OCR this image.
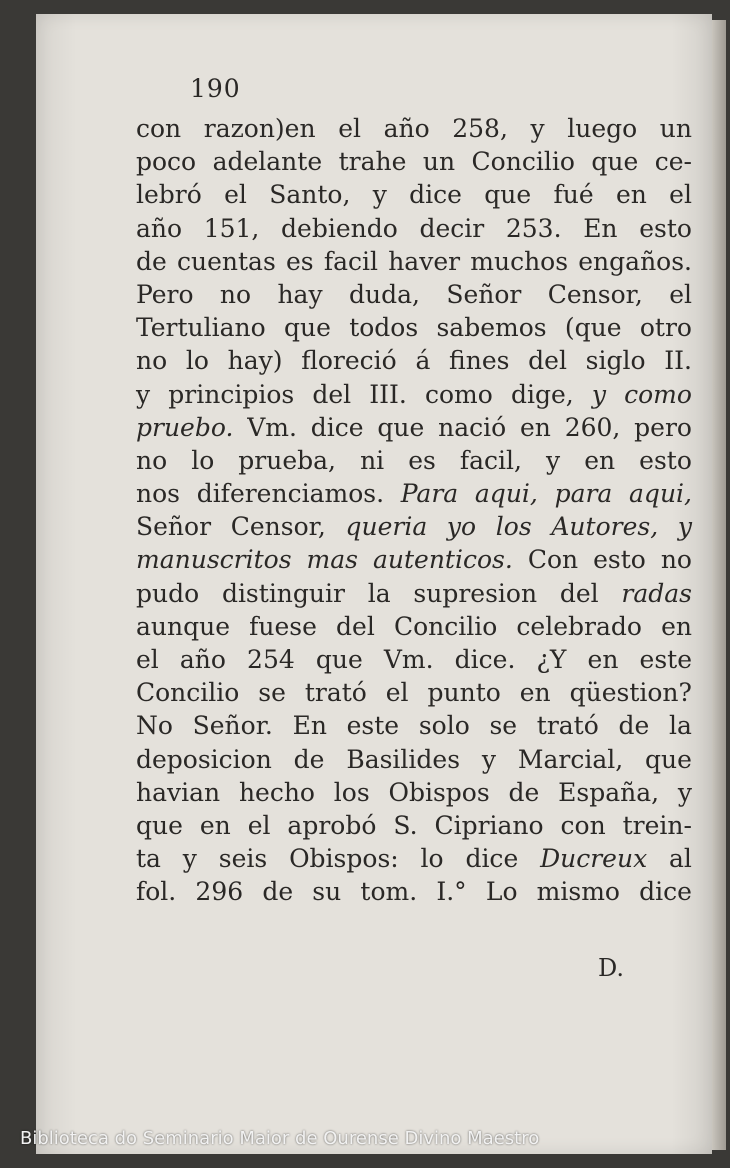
190
con razon)en el año 258, y luego un
poco adelante trahe un Concilio que ce-
lebró el Santo, y dice que fué en el
año 151, debiendo decir 253. En esto
de cuentas es facil haver muchos engaños.
Pero no hay duda, Señor Censor, el
Tertuliano que todos sabemos (que otro
no lo hay) floreció á fines del siglo II.
y principios del III. como dige, y como
pruebo. Vm. dice que nació en 260, pero
no lo prueba, ni es facil, y en esto
nos diferenciamos. Para aqui, para aqui,
Señor Censor, queria yo los Autores, y
manuscritos mas autenticos. Con esto no
pudo distinguir la supresion del radas
aunque fuese del Concilio celebrado en
el año 254 que Vm. dice. ¿Y en este
Concilio se trató el punto en qüestion?
No Señor. En este solo se trató de la
deposicion de Basilides y Marcial, que
havian hecho los Obispos de España, y
que en el aprobó S. Cipriano con trein-
ta y seis Obispos: lo dice Ducreux al
fol. 296 de su tom. I.° Lo mismo dice
D.
Biblioteca do Seminario Maior de Ourense Divino Maestro
